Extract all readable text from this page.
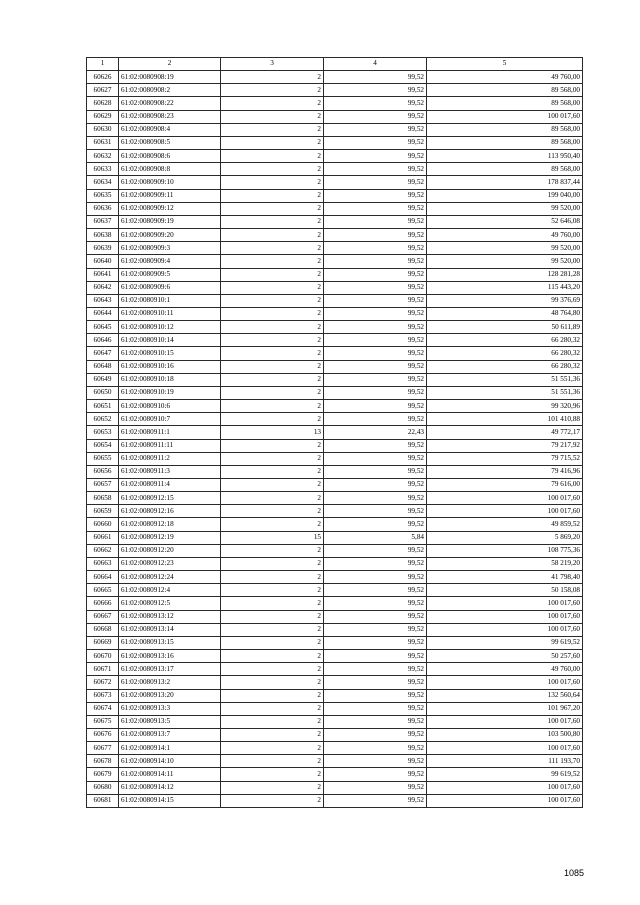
1	2	3	4	5
60626	61:02:0080908:19	2	99,52	49 760,00
60627	61:02:0080908:2	2	99,52	89 568,00
60628	61:02:0080908:22	2	99,52	89 568,00
60629	61:02:0080908:23	2	99,52	100 017,60
60630	61:02:0080908:4	2	99,52	89 568,00
60631	61:02:0080908:5	2	99,52	89 568,00
60632	61:02:0080908:6	2	99,52	113 950,40
60633	61:02:0080908:8	2	99,52	89 568,00
60634	61:02:0080909:10	2	99,52	178 837,44
60635	61:02:0080909:11	2	99,52	199 040,00
60636	61:02:0080909:12	2	99,52	99 520,00
60637	61:02:0080909:19	2	99,52	52 646,08
60638	61:02:0080909:20	2	99,52	49 760,00
60639	61:02:0080909:3	2	99,52	99 520,00
60640	61:02:0080909:4	2	99,52	99 520,00
60641	61:02:0080909:5	2	99,52	128 281,28
60642	61:02:0080909:6	2	99,52	115 443,20
60643	61:02:0080910:1	2	99,52	99 376,69
60644	61:02:0080910:11	2	99,52	48 764,80
60645	61:02:0080910:12	2	99,52	50 611,89
60646	61:02:0080910:14	2	99,52	66 280,32
60647	61:02:0080910:15	2	99,52	66 280,32
60648	61:02:0080910:16	2	99,52	66 280,32
60649	61:02:0080910:18	2	99,52	51 551,36
60650	61:02:0080910:19	2	99,52	51 551,36
60651	61:02:0080910:6	2	99,52	99 320,96
60652	61:02:0080910:7	2	99,52	101 410,88
60653	61:02:0080911:1	13	22,43	49 772,17
60654	61:02:0080911:11	2	99,52	79 217,92
60655	61:02:0080911:2	2	99,52	79 715,52
60656	61:02:0080911:3	2	99,52	79 416,96
60657	61:02:0080911:4	2	99,52	79 616,00
60658	61:02:0080912:15	2	99,52	100 017,60
60659	61:02:0080912:16	2	99,52	100 017,60
60660	61:02:0080912:18	2	99,52	49 859,52
60661	61:02:0080912:19	15	5,84	5 869,20
60662	61:02:0080912:20	2	99,52	108 775,36
60663	61:02:0080912:23	2	99,52	58 219,20
60664	61:02:0080912:24	2	99,52	41 798,40
60665	61:02:0080912:4	2	99,52	50 158,08
60666	61:02:0080912:5	2	99,52	100 017,60
60667	61:02:0080913:12	2	99,52	100 017,60
60668	61:02:0080913:14	2	99,52	100 017,60
60669	61:02:0080913:15	2	99,52	99 619,52
60670	61:02:0080913:16	2	99,52	50 257,60
60671	61:02:0080913:17	2	99,52	49 760,00
60672	61:02:0080913:2	2	99,52	100 017,60
60673	61:02:0080913:20	2	99,52	132 560,64
60674	61:02:0080913:3	2	99,52	101 967,20
60675	61:02:0080913:5	2	99,52	100 017,60
60676	61:02:0080913:7	2	99,52	103 500,80
60677	61:02:0080914:1	2	99,52	100 017,60
60678	61:02:0080914:10	2	99,52	111 193,70
60679	61:02:0080914:11	2	99,52	99 619,52
60680	61:02:0080914:12	2	99,52	100 017,60
60681	61:02:0080914:15	2	99,52	100 017,60
1085
